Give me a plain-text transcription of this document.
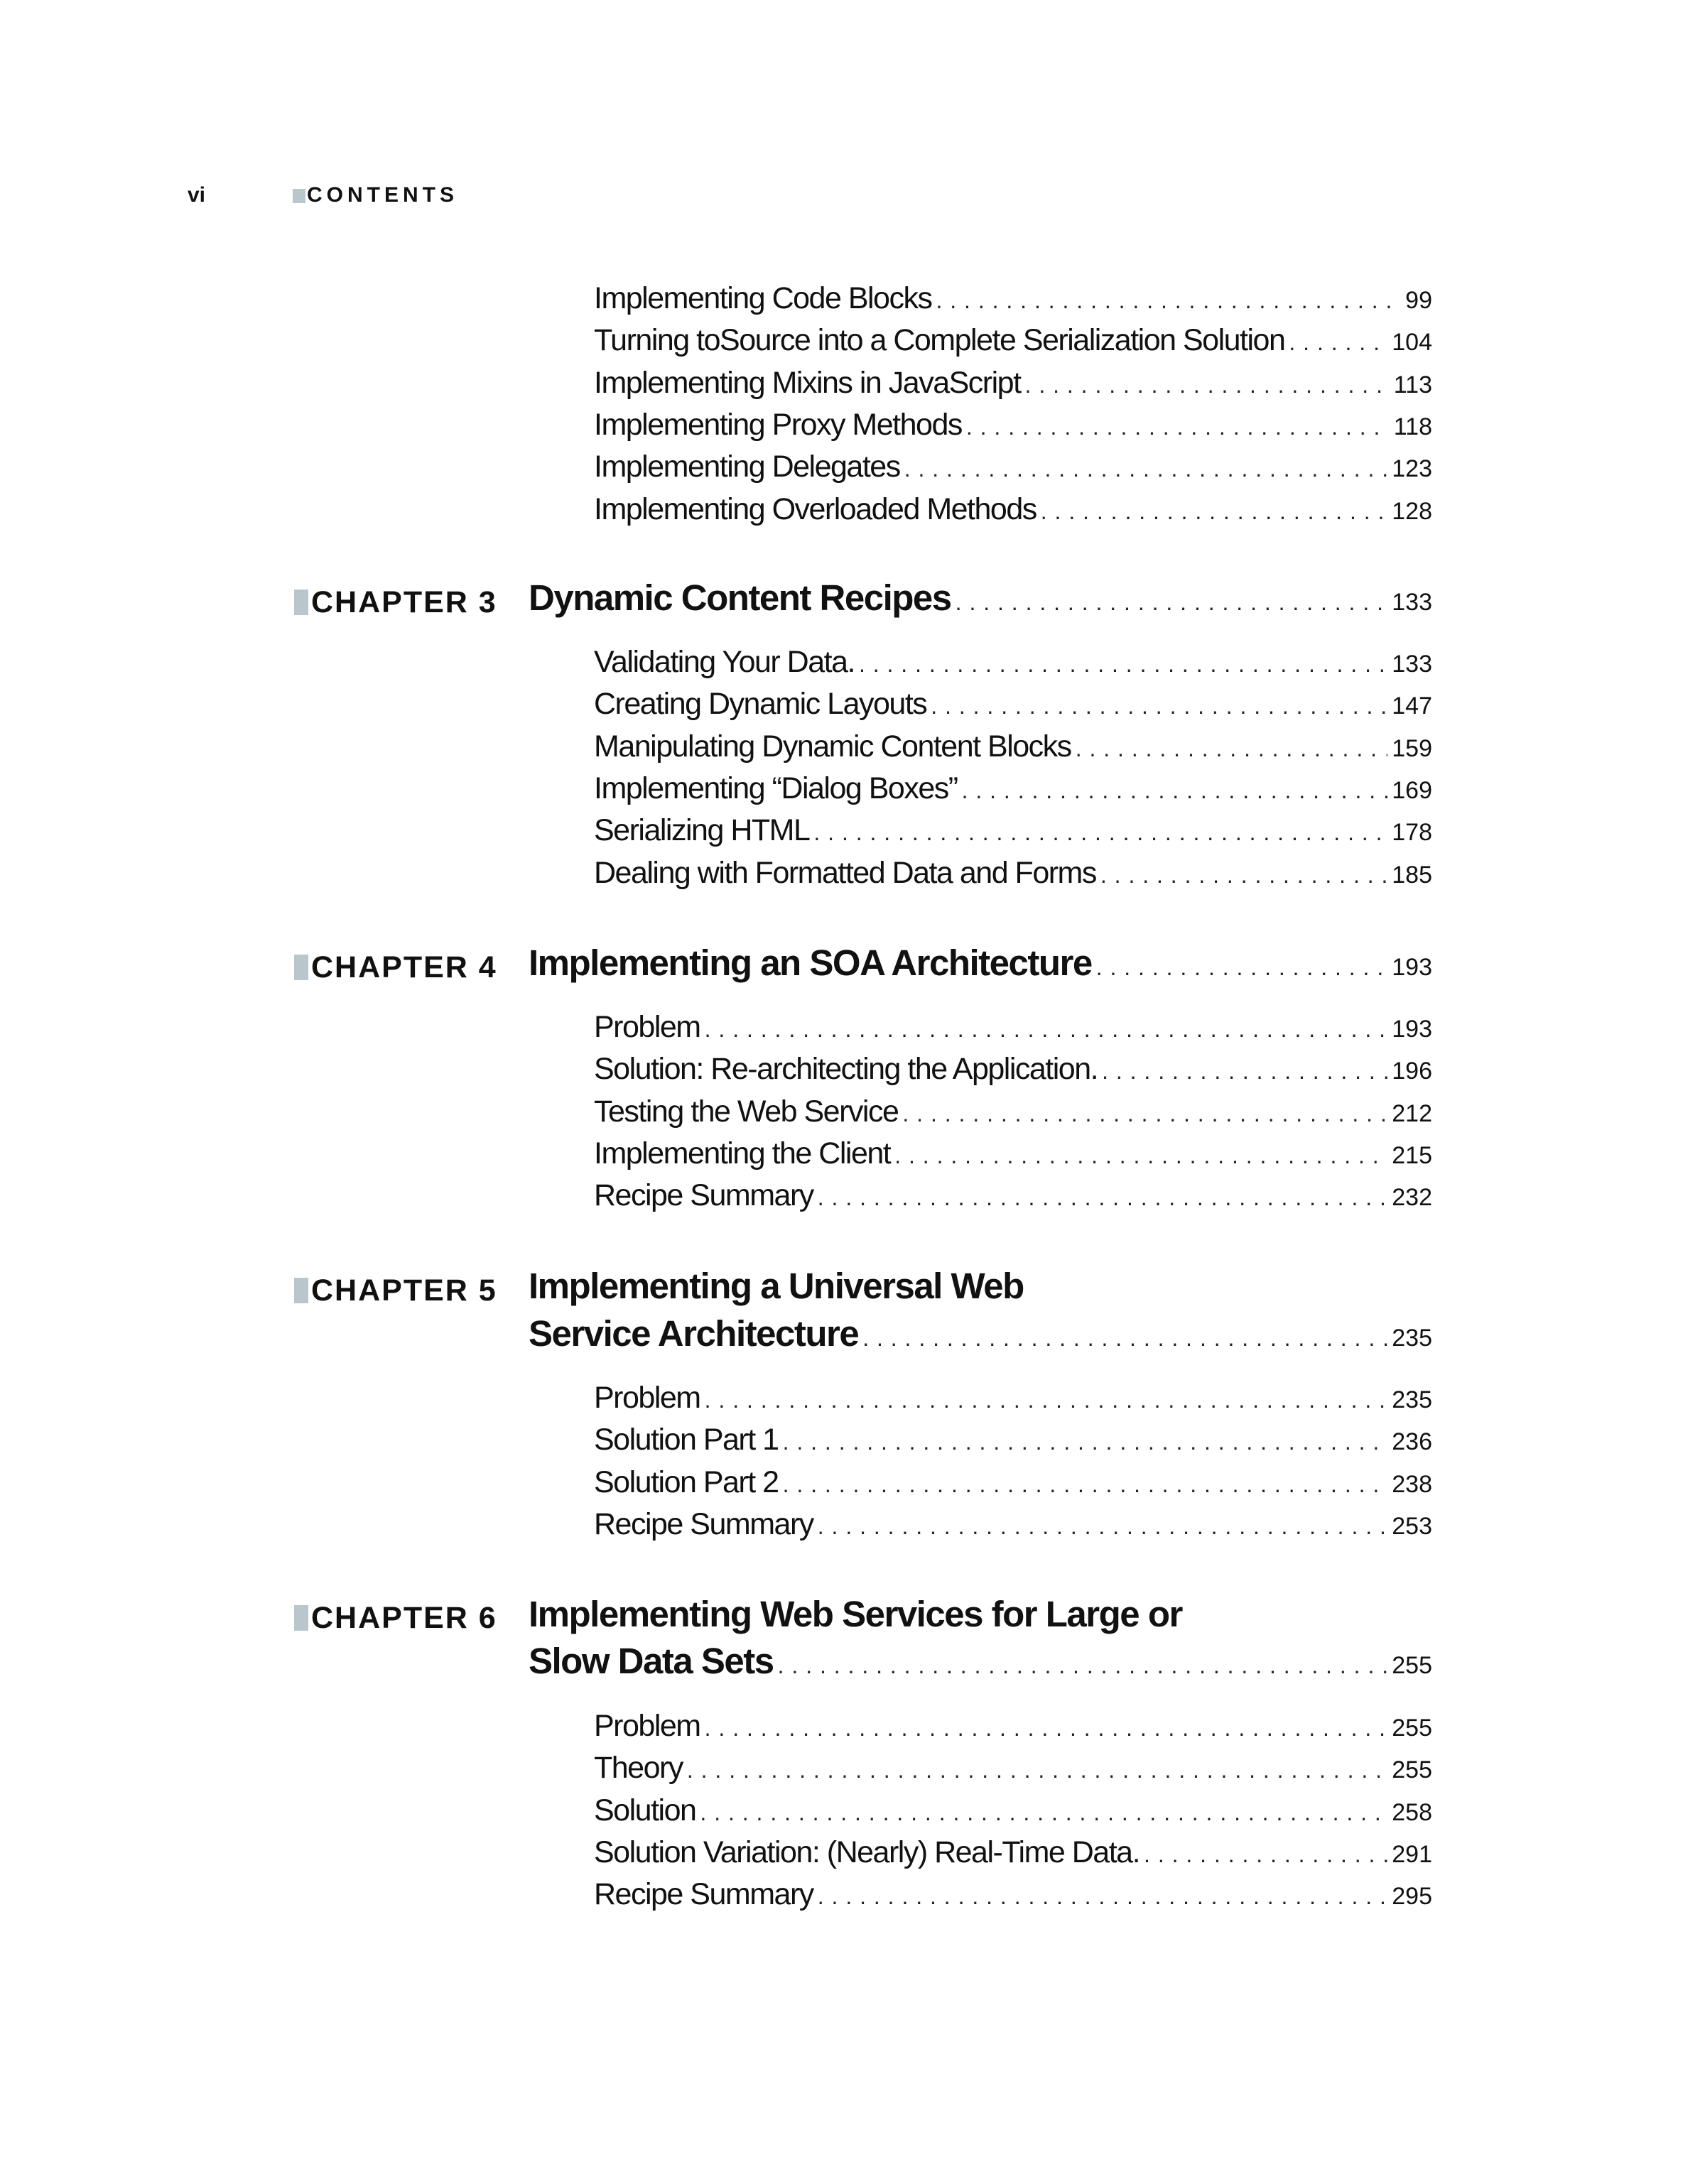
vi	CONTENTS
Implementing Code Blocks . . .	99
Turning toSource into a Complete Serialization Solution . . .	104
Implementing Mixins in JavaScript . . .	113
Implementing Proxy Methods . . .	118
Implementing Delegates . . .	123
Implementing Overloaded Methods . . .	128
CHAPTER 3 Dynamic Content Recipes . . .	133
Validating Your Data. . . .	133
Creating Dynamic Layouts . . .	147
Manipulating Dynamic Content Blocks . . .	159
Implementing “Dialog Boxes” . . .	169
Serializing HTML . . .	178
Dealing with Formatted Data and Forms . . .	185
CHAPTER 4 Implementing an SOA Architecture . . .	193
Problem . . .	193
Solution: Re-architecting the Application. . . .	196
Testing the Web Service . . .	212
Implementing the Client . . .	215
Recipe Summary . . .	232
CHAPTER 5 Implementing a Universal Web
Service Architecture . . .	235
Problem . . .	235
Solution Part 1 . . .	236
Solution Part 2 . . .	238
Recipe Summary . . .	253
CHAPTER 6 Implementing Web Services for Large or
Slow Data Sets . . .	255
Problem . . .	255
Theory . . .	255
Solution . . .	258
Solution Variation: (Nearly) Real-Time Data. . . .	291
Recipe Summary . . .	295
